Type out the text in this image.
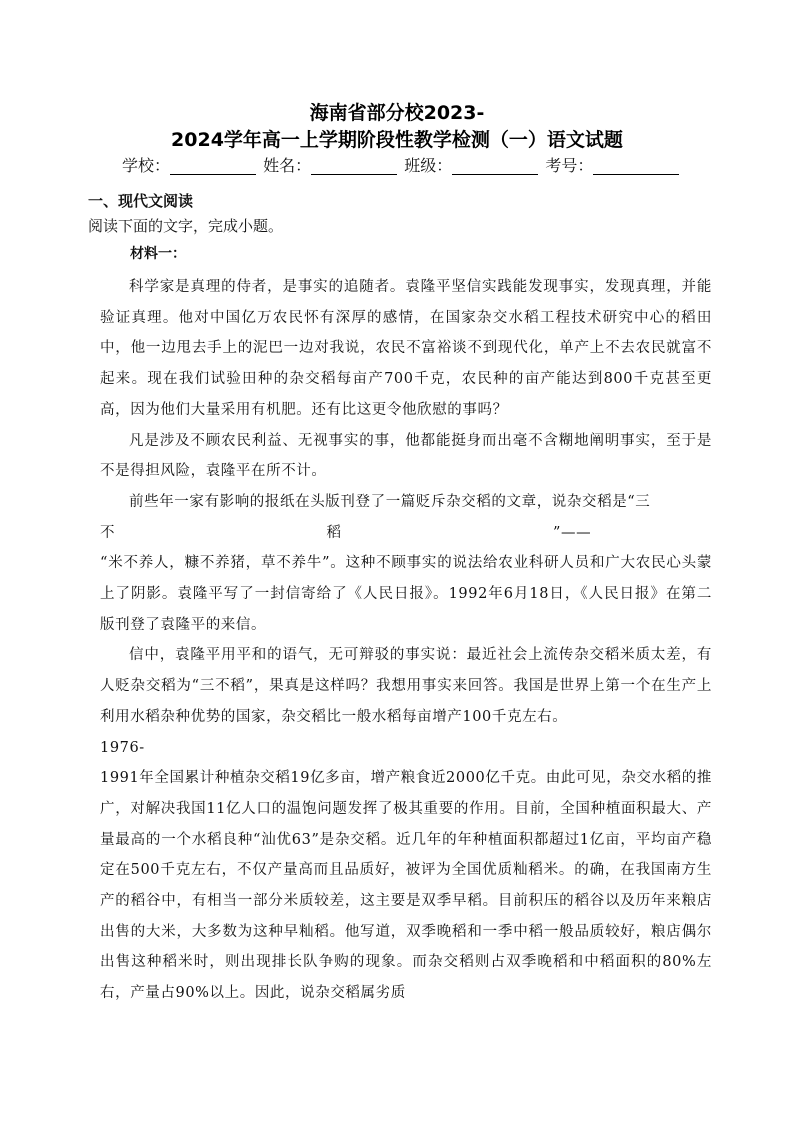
海南省部分校2023-
2024学年高一上学期阶段性教学检测（一）语文试题
学校：	姓名：	班级：	考号：
一、现代文阅读
阅读下面的文字，完成小题。
材料一：

科学家是真理的侍者，是事实的追随者。袁隆平坚信实践能发现事实，发现真理，并能验证真理。他对中国亿万农民怀有深厚的感情，在国家杂交水稻工程技术研究中心的稻田中，他一边甩去手上的泥巴一边对我说，农民不富裕谈不到现代化，单产上不去农民就富不起来。现在我们试验田种的杂交稻每亩产700千克，农民种的亩产能达到800千克甚至更高，因为他们大量采用有机肥。还有比这更令他欣慰的事吗？

凡是涉及不顾农民利益、无视事实的事，他都能挺身而出毫不含糊地阐明事实，至于是不是得担风险，袁隆平在所不计。

前些年一家有影响的报纸在头版刊登了一篇贬斥杂交稻的文章，说杂交稻是“三

不　　　　　　　　　　　　　　稻　　　　　　　　　　　　　　”——

“米不养人，糠不养猪，草不养牛”。这种不顾事实的说法给农业科研人员和广大农民心头蒙上了阴影。袁隆平写了一封信寄给了《人民日报》。1992年6月18日，《人民日报》在第二版刊登了袁隆平的来信。

信中，袁隆平用平和的语气，无可辩驳的事实说：最近社会上流传杂交稻米质太差，有人贬杂交稻为“三不稻”，果真是这样吗？我想用事实来回答。我国是世界上第一个在生产上利用水稻杂种优势的国家，杂交稻比一般水稻每亩增产100千克左右。

1976-

1991年全国累计种植杂交稻19亿多亩，增产粮食近2000亿千克。由此可见，杂交水稻的推广，对解决我国11亿人口的温饱问题发挥了极其重要的作用。目前，全国种植面积最大、产量最高的一个水稻良种“汕优63”是杂交稻。近几年的年种植面积都超过1亿亩，平均亩产稳定在500千克左右，不仅产量高而且品质好，被评为全国优质籼稻米。的确，在我国南方生产的稻谷中，有相当一部分米质较差，这主要是双季早稻。目前积压的稻谷以及历年来粮店出售的大米，大多数为这种早籼稻。他写道，双季晚稻和一季中稻一般品质较好，粮店偶尔出售这种稻米时，则出现排长队争购的现象。而杂交稻则占双季晚稻和中稻面积的80%左右，产量占90%以上。因此，说杂交稻属劣质
